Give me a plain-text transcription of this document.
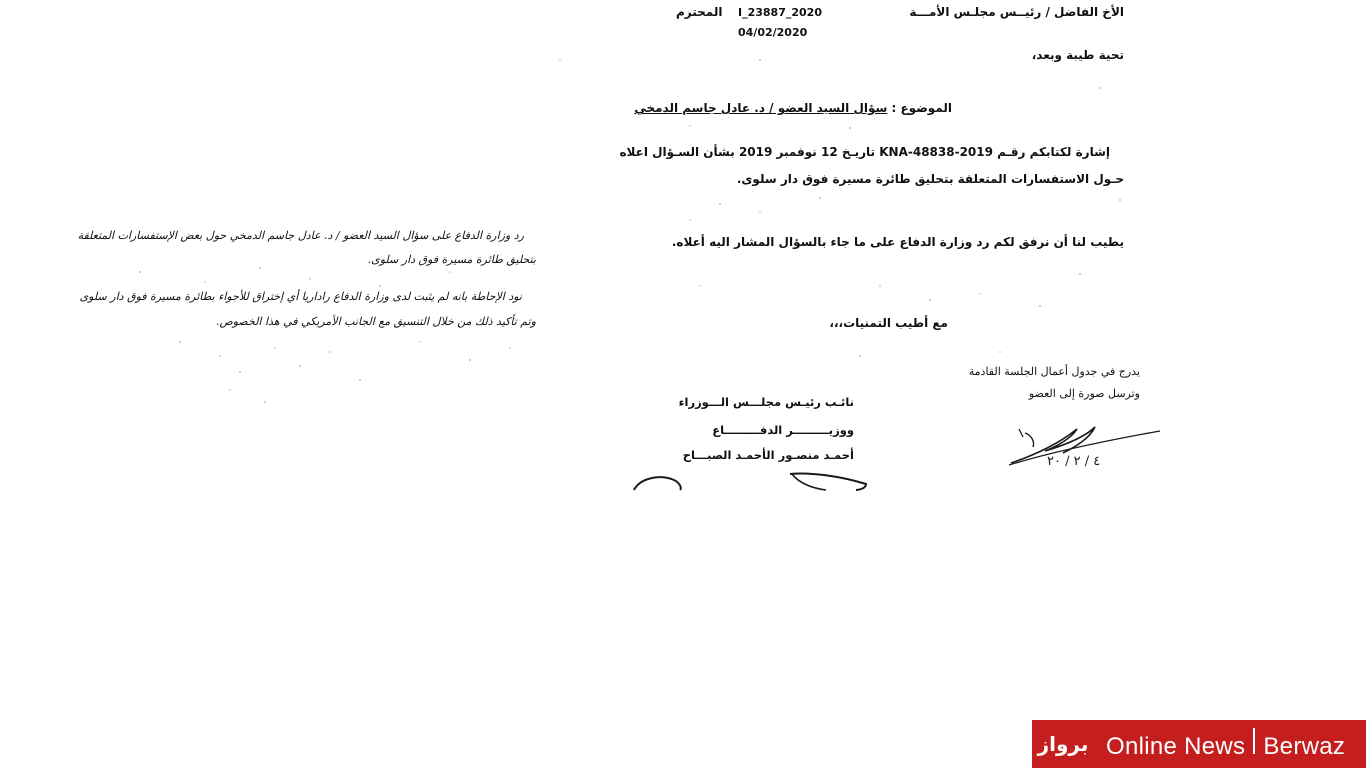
I_23887_2020
04/02/2020
المحترم	الأخ الفاضل / رئيــس مجلـس الأمـــة
تحية طيبة وبعد،
الموضوع : سؤال السيد العضو / د. عادل جاسم الدمخي
إشارة لكتابكم رقـم KNA-48838-2019 تاريـخ 12 نوفمبر 2019 بشأن السـؤال اعلاه
حـول الاستفسارات المتعلقة بتحليق طائرة مسيرة فوق دار سلوى.
يطيب لنا أن نرفق لكم رد وزارة الدفاع على ما جاء بالسؤال المشار اليه أعلاه.
مع أطيب التمنيات،،،
نائـب رئيـس مجلـــس الـــوزراء
ووزيـــــــــر الدفـــــــــاع
أحمـد منصـور الأحمـد الصبـــاح
يدرج في جدول أعمال الجلسة القادمة
وترسل صورة إلى العضو
٤ / ٢ / ٢٠
رد وزارة الدفاع على سؤال السيد العضو / د. عادل جاسم الدمخي حول بعض الإستفسارات المتعلقة
بتحليق طائرة مسيرة فوق دار سلوى.
نود الإحاطة بانه لم يثبت لدى وزارة الدفاع راداريا أي إختراق للأجواء بطائرة مسيرة فوق دار سلوى
وتم تأكيد ذلك من خلال التنسيق مع الجانب الأمريكي في هذا الخصوص.
برواز Online News Berwaz
